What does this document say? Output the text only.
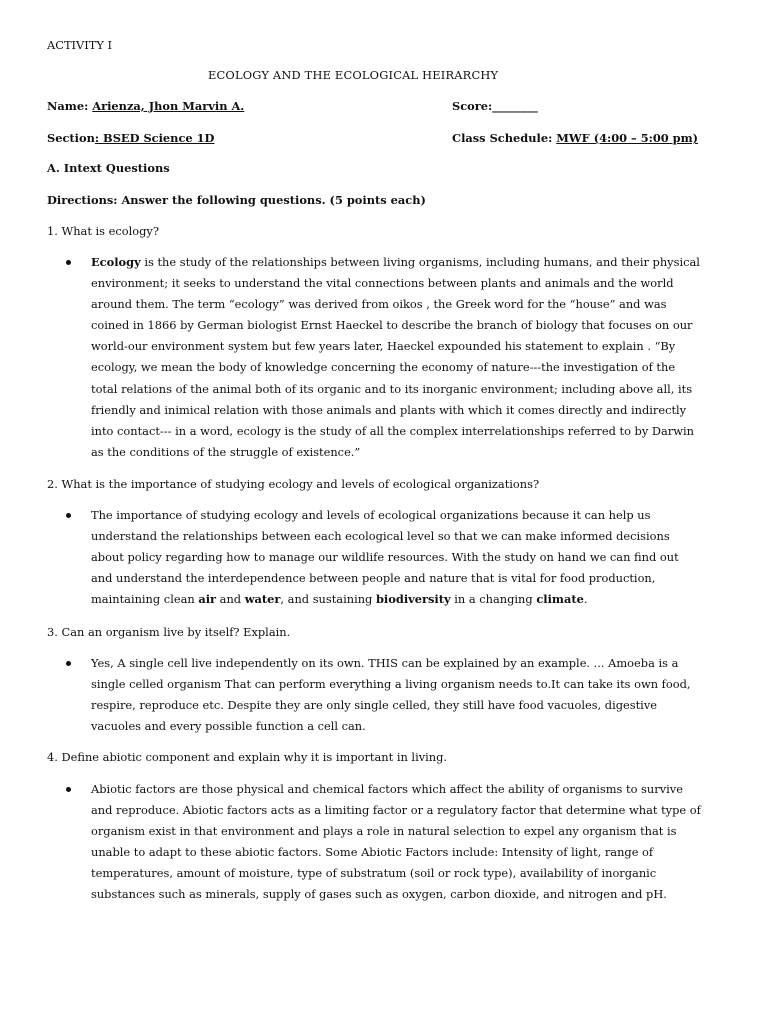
ACTIVITY I
ECOLOGY AND THE ECOLOGICAL HEIRARCHY
Name: Arienza, Jhon Marvin A.	Score:________
Section: BSED Science 1D	Class Schedule: MWF (4:00 – 5:00 pm)
A. Intext Questions
Directions: Answer the following questions. (5 points each)
1. What is ecology?
Ecology is the study of the relationships between living organisms, including humans, and their physical
environment; it seeks to understand the vital connections between plants and animals and the world
around them. The term “ecology” was derived from oikos , the Greek word for the “house” and was
coined in 1866 by German biologist Ernst Haeckel to describe the branch of biology that focuses on our
world-our environment system but few years later, Haeckel expounded his statement to explain . “By
ecology, we mean the body of knowledge concerning the economy of nature---the investigation of the
total relations of the animal both of its organic and to its inorganic environment; including above all, its
friendly and inimical relation with those animals and plants with which it comes directly and indirectly
into contact--- in a word, ecology is the study of all the complex interrelationships referred to by Darwin
as the conditions of the struggle of existence.”
2. What is the importance of studying ecology and levels of ecological organizations?
The importance of studying ecology and levels of ecological organizations because it can help us
understand the relationships between each ecological level so that we can make informed decisions
about policy regarding how to manage our wildlife resources. With the study on hand we can find out
and understand the interdependence between people and nature that is vital for food production,
maintaining clean air and water, and sustaining biodiversity in a changing climate.
3. Can an organism live by itself? Explain.
Yes, A single cell live independently on its own. THIS can be explained by an example. ... Amoeba is a
single celled organism That can perform everything a living organism needs to.It can take its own food,
respire, reproduce etc. Despite they are only single celled, they still have food vacuoles, digestive
vacuoles and every possible function a cell can.
4. Define abiotic component and explain why it is important in living.
Abiotic factors are those physical and chemical factors which affect the ability of organisms to survive
and reproduce. Abiotic factors acts as a limiting factor or a regulatory factor that determine what type of
organism exist in that environment and plays a role in natural selection to expel any organism that is
unable to adapt to these abiotic factors. Some Abiotic Factors include: Intensity of light, range of
temperatures, amount of moisture, type of substratum (soil or rock type), availability of inorganic
substances such as minerals, supply of gases such as oxygen, carbon dioxide, and nitrogen and pH.
